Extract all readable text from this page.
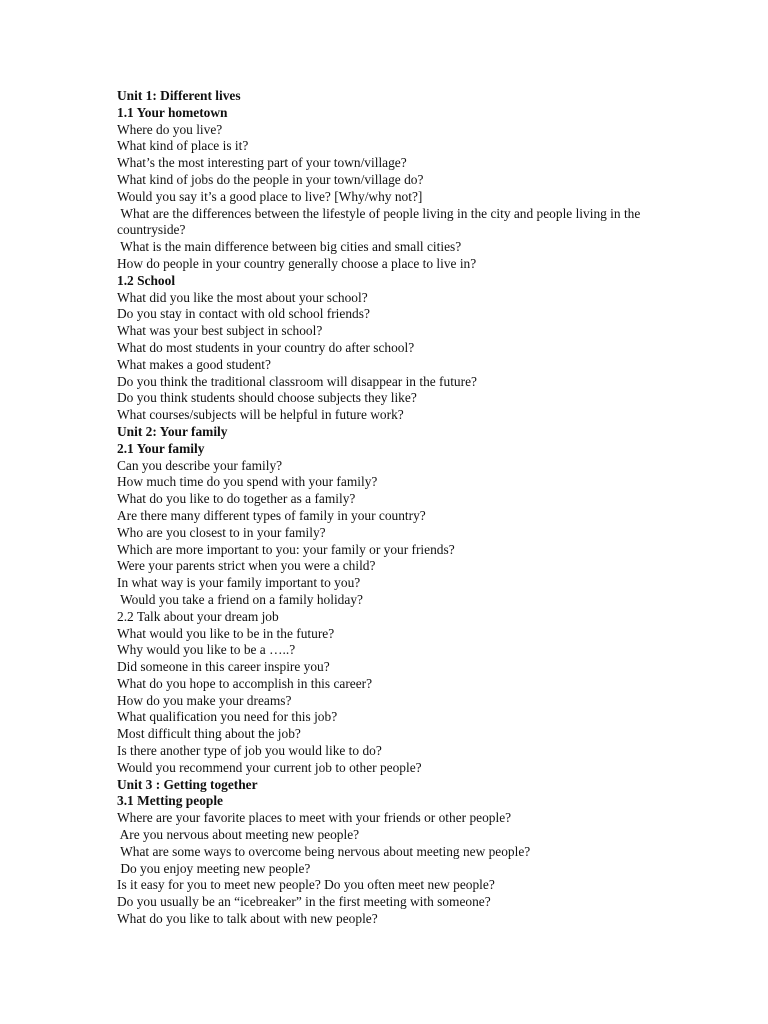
Unit 1: Different lives
1.1 Your hometown
Where do you live?
What kind of place is it?
What’s the most interesting part of your town/village?
What kind of jobs do the people in your town/village do?
Would you say it’s a good place to live? [Why/why not?]
What are the differences between the lifestyle of people living in the city and people living in the countryside?
What is the main difference between big cities and small cities?
How do people in your country generally choose a place to live in?
1.2 School
What did you like the most about your school?
Do you stay in contact with old school friends?
What was your best subject in school?
What do most students in your country do after school?
What makes a good student?
Do you think the traditional classroom will disappear in the future?
Do you think students should choose subjects they like?
What courses/subjects will be helpful in future work?
Unit 2: Your family
2.1 Your family
Can you describe your family?
How much time do you spend with your family?
What do you like to do together as a family?
Are there many different types of family in your country?
Who are you closest to in your family?
Which are more important to you: your family or your friends?
Were your parents strict when you were a child?
In what way is your family important to you?
Would you take a friend on a family holiday?
2.2 Talk about your dream job
What would you like to be in the future?
Why would you like to be a …..?
Did someone in this career inspire you?
What do you hope to accomplish in this career?
How do you make your dreams?
What qualification you need for this job?
Most difficult thing about the job?
Is there another type of job you would like to do?
Would you recommend your current job to other people?
Unit 3 : Getting together
3.1 Metting people
Where are your favorite places to meet with your friends or other people?
Are you nervous about meeting new people?
What are some ways to overcome being nervous about meeting new people?
Do you enjoy meeting new people?
Is it easy for you to meet new people? Do you often meet new people?
Do you usually be an “icebreaker” in the first meeting with someone?
What do you like to talk about with new people?
